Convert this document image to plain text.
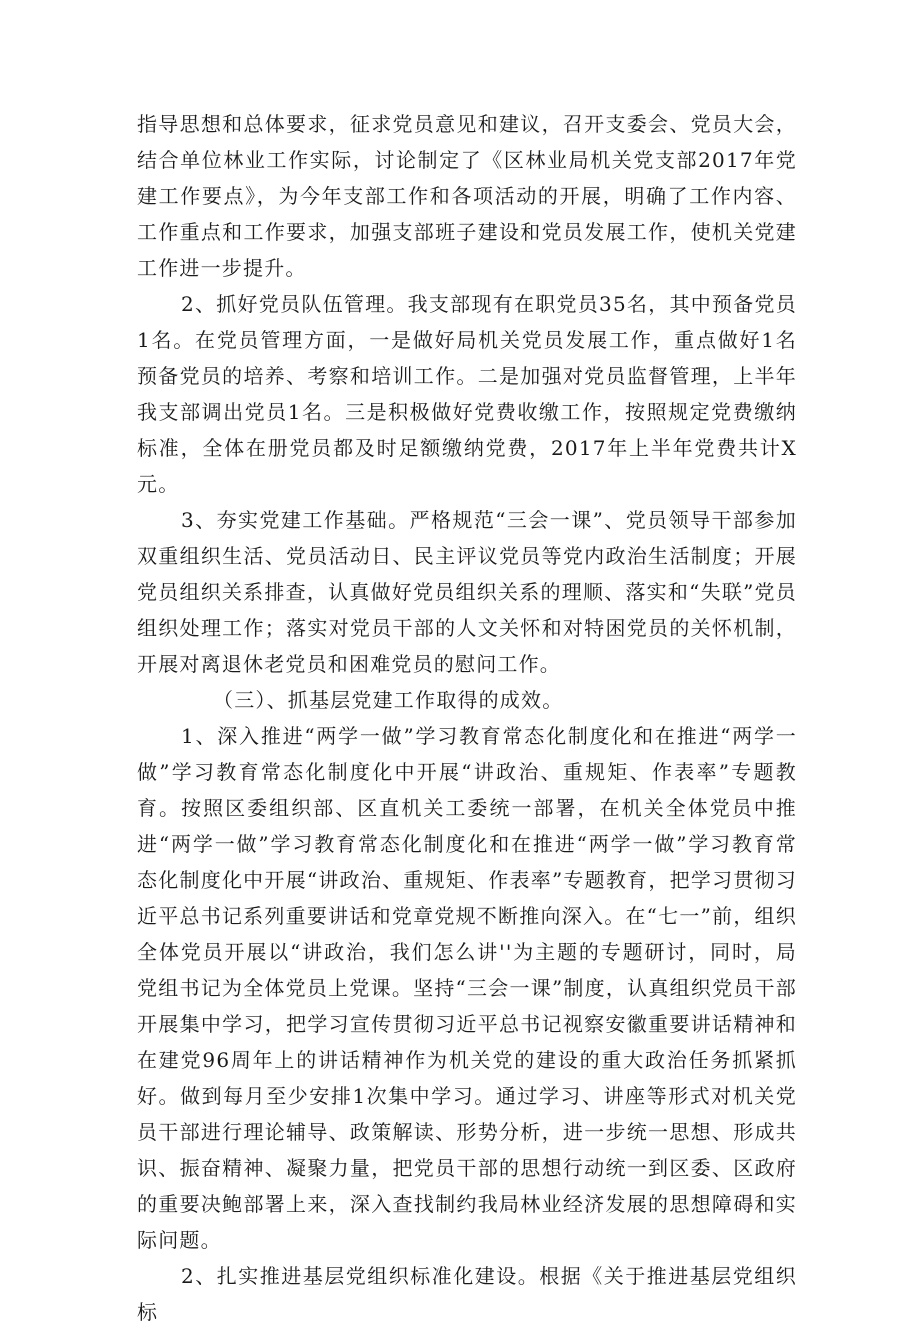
指导思想和总体要求，征求党员意见和建议，召开支委会、党员大会，结合单位林业工作实际，讨论制定了《区林业局机关党支部2017年党建工作要点》，为今年支部工作和各项活动的开展，明确了工作内容、工作重点和工作要求，加强支部班子建设和党员发展工作，使机关党建工作进一步提升。

2、抓好党员队伍管理。我支部现有在职党员35名，其中预备党员1名。在党员管理方面，一是做好局机关党员发展工作，重点做好1名预备党员的培养、考察和培训工作。二是加强对党员监督管理，上半年我支部调出党员1名。三是积极做好党费收缴工作，按照规定党费缴纳标准，全体在册党员都及时足额缴纳党费，2017年上半年党费共计X元。

3、夯实党建工作基础。严格规范“三会一课”、党员领导干部参加双重组织生活、党员活动日、民主评议党员等党内政治生活制度；开展党员组织关系排查，认真做好党员组织关系的理顺、落实和“失联”党员组织处理工作；落实对党员干部的人文关怀和对特困党员的关怀机制，开展对离退休老党员和困难党员的慰问工作。

（三）、抓基层党建工作取得的成效。

1、深入推进“两学一做”学习教育常态化制度化和在推进“两学一做”学习教育常态化制度化中开展“讲政治、重规矩、作表率”专题教育。按照区委组织部、区直机关工委统一部署，在机关全体党员中推进“两学一做”学习教育常态化制度化和在推进“两学一做”学习教育常态化制度化中开展“讲政治、重规矩、作表率”专题教育，把学习贯彻习近平总书记系列重要讲话和党章党规不断推向深入。在“七一”前，组织全体党员开展以“讲政治，我们怎么讲''为主题的专题研讨，同时，局党组书记为全体党员上党课。坚持“三会一课”制度，认真组织党员干部开展集中学习，把学习宣传贯彻习近平总书记视察安徽重要讲话精神和在建党96周年上的讲话精神作为机关党的建设的重大政治任务抓紧抓好。做到每月至少安排1次集中学习。通过学习、讲座等形式对机关党员干部进行理论辅导、政策解读、形势分析，进一步统一思想、形成共识、振奋精神、凝聚力量，把党员干部的思想行动统一到区委、区政府的重要决鲍部署上来，深入查找制约我局林业经济发展的思想障碍和实际问题。

2、扎实推进基层党组织标准化建设。根据《关于推进基层党组织标
